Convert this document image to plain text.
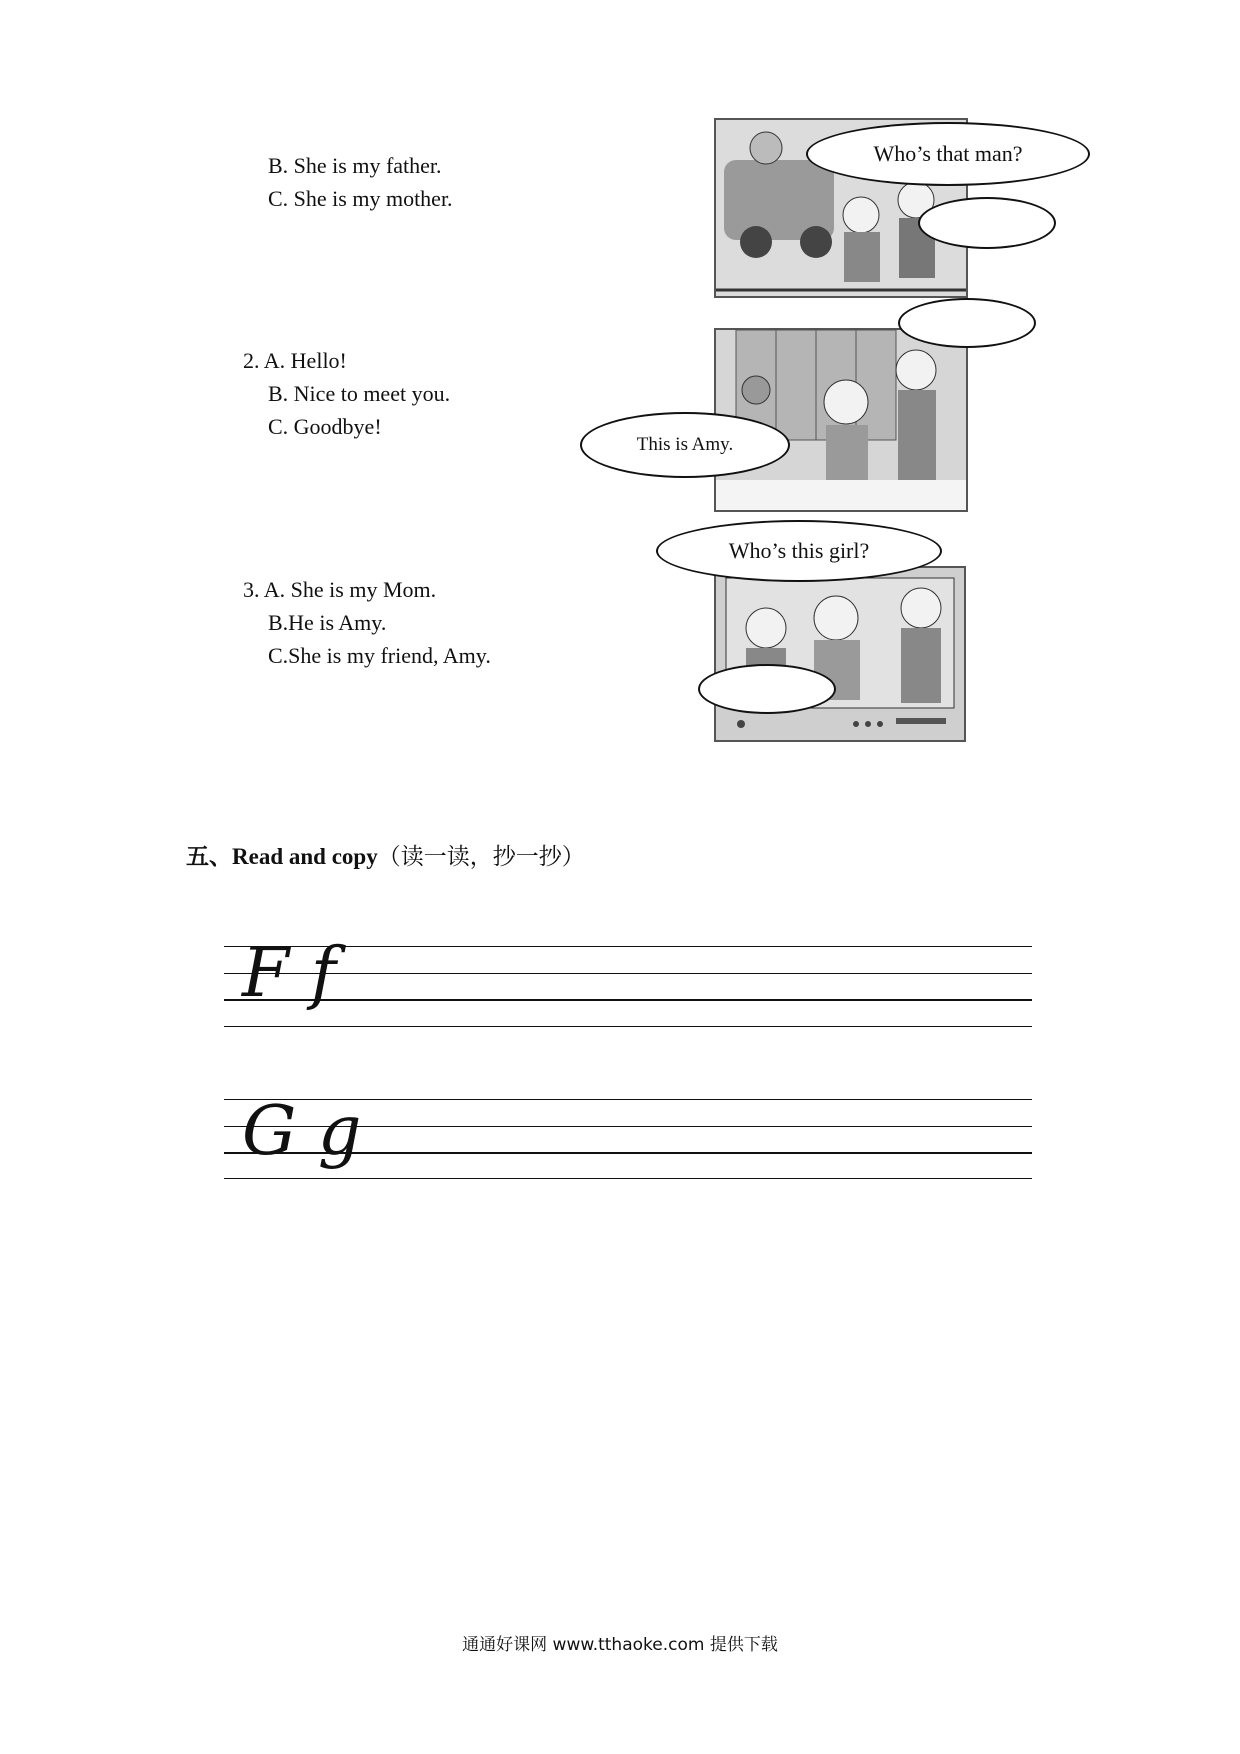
B. She is my father.
C. She is my mother.
Who’s that man?
2. A. Hello!
B. Nice to meet you.
C. Goodbye!
This is Amy.
3. A. She is my Mom.
B.He is Amy.
C.She is my friend, Amy.
Who’s this girl?
五、Read and copy（读一读，抄一抄）
F f
G g
通通好课网 www.tthaoke.com 提供下载
